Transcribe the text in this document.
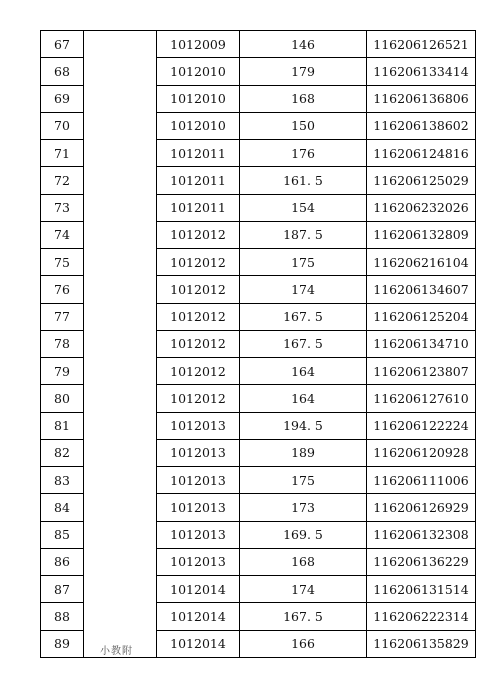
67		1012009	146	116206126521
68		1012010	179	116206133414
69		1012010	168	116206136806
70		1012010	150	116206138602
71		1012011	176	116206124816
72		1012011	161. 5	116206125029
73		1012011	154	116206232026
74		1012012	187. 5	116206132809
75		1012012	175	116206216104
76		1012012	174	116206134607
77		1012012	167. 5	116206125204
78		1012012	167. 5	116206134710
79		1012012	164	116206123807
80		1012012	164	116206127610
81		1012013	194. 5	116206122224
82		1012013	189	116206120928
83		1012013	175	116206111006
84		1012013	173	116206126929
85		1012013	169. 5	116206132308
86		1012013	168	116206136229
87		1012014	174	116206131514
88		1012014	167. 5	116206222314
89		1012014	166	116206135829
小教附
